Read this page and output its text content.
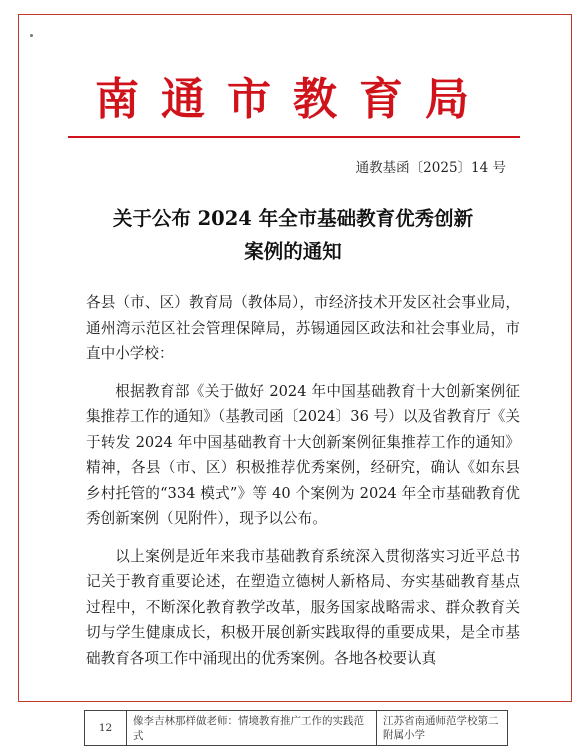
南通市教育局
通教基函〔2025〕14 号
关于公布 2024 年全市基础教育优秀创新
案例的通知

各县（市、区）教育局（教体局），市经济技术开发区社会事业局，通州湾示范区社会管理保障局，苏锡通园区政法和社会事业局，市直中小学校：

根据教育部《关于做好 2024 年中国基础教育十大创新案例征集推荐工作的通知》（基教司函〔2024〕36 号）以及省教育厅《关于转发 2024 年中国基础教育十大创新案例征集推荐工作的通知》精神，各县（市、区）积极推荐优秀案例，经研究，确认《如东县乡村托管的“334 模式”》等 40 个案例为 2024 年全市基础教育优秀创新案例（见附件），现予以公布。

以上案例是近年来我市基础教育系统深入贯彻落实习近平总书记关于教育重要论述，在塑造立德树人新格局、夯实基础教育基点过程中，不断深化教育教学改革，服务国家战略需求、群众教育关切与学生健康成长，积极开展创新实践取得的重要成果，是全市基础教育各项工作中涌现出的优秀案例。各地各校要认真

12
像李吉林那样做老师：情境教育推广工作的实践范式
江苏省南通师范学校第二附属小学
